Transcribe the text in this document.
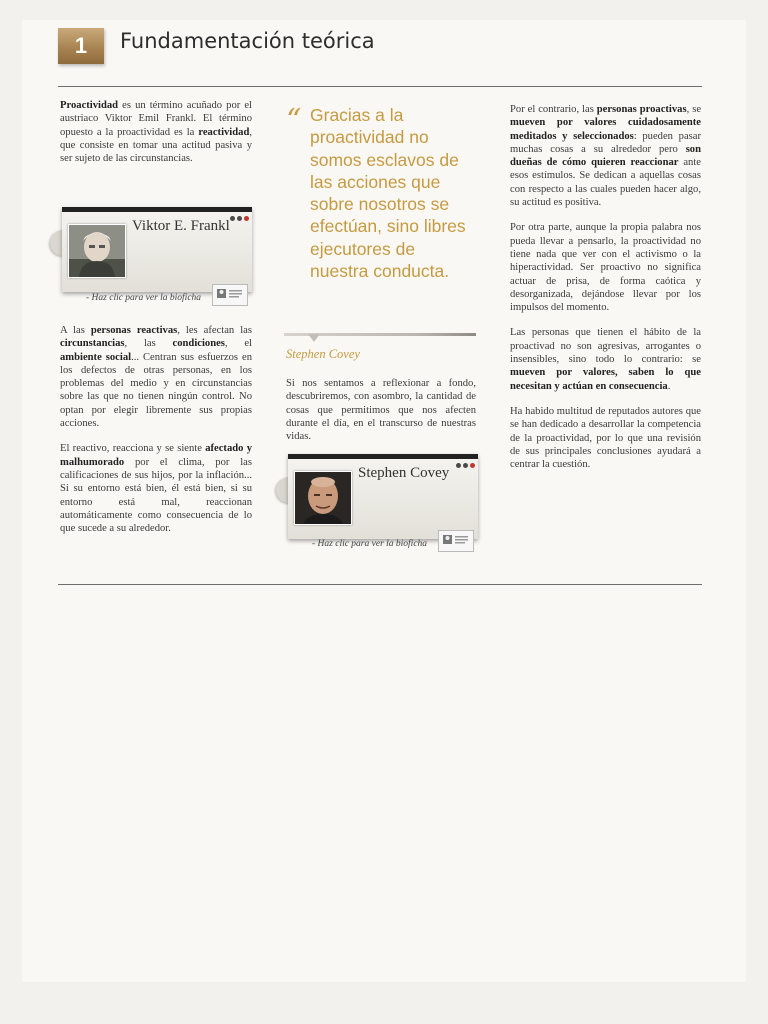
1	Fundamentación teórica

Proactividad es un término acuñado por el austriaco Viktor Emil Frankl. El término opuesto a la proactividad es la reactividad, que consiste en tomar una actitud pasiva y ser sujeto de las circunstancias.

Viktor E. Frankl
- Haz clic para ver la bioficha

A las personas reactivas, les afectan las circunstancias, las condiciones, el ambiente social... Centran sus esfuerzos en los defectos de otras personas, en los problemas del medio y en circunstancias sobre las que no tienen ningún control. No optan por elegir libremente sus propias acciones.

El reactivo, reacciona y se siente afectado y malhumorado por el clima, por las calificaciones de sus hijos, por la inflación... Si su entorno está bien, él está bien, si su entorno está mal, reaccionan automáticamente como consecuencia de lo que sucede a su alrededor.

“ Gracias a la proactividad no somos esclavos de las acciones que sobre nosotros se efectúan, sino libres ejecutores de nuestra conducta.
Stephen Covey

Si nos sentamos a reflexionar a fondo, descubriremos, con asombro, la cantidad de cosas que permitimos que nos afecten durante el día, en el transcurso de nuestras vidas.

Stephen Covey
- Haz clic para ver la bioficha

Por el contrario, las personas proactivas, se mueven por valores cuidadosamente meditados y seleccionados: pueden pasar muchas cosas a su alrededor pero son dueñas de cómo quieren reaccionar ante esos estímulos. Se dedican a aquellas cosas con respecto a las cuales pueden hacer algo, su actitud es positiva.

Por otra parte, aunque la propia palabra nos pueda llevar a pensarlo, la proactividad no tiene nada que ver con el activismo o la hiperactividad. Ser proactivo no significa actuar de prisa, de forma caótica y desorganizada, dejándose llevar por los impulsos del momento.

Las personas que tienen el hábito de la proactivad no son agresivas, arrogantes o insensibles, sino todo lo contrario: se mueven por valores, saben lo que necesitan y actúan en consecuencia.

Ha habido multitud de reputados autores que se han dedicado a desarrollar la competencia de la proactividad, por lo que una revisión de sus principales conclusiones ayudará a centrar la cuestión.
